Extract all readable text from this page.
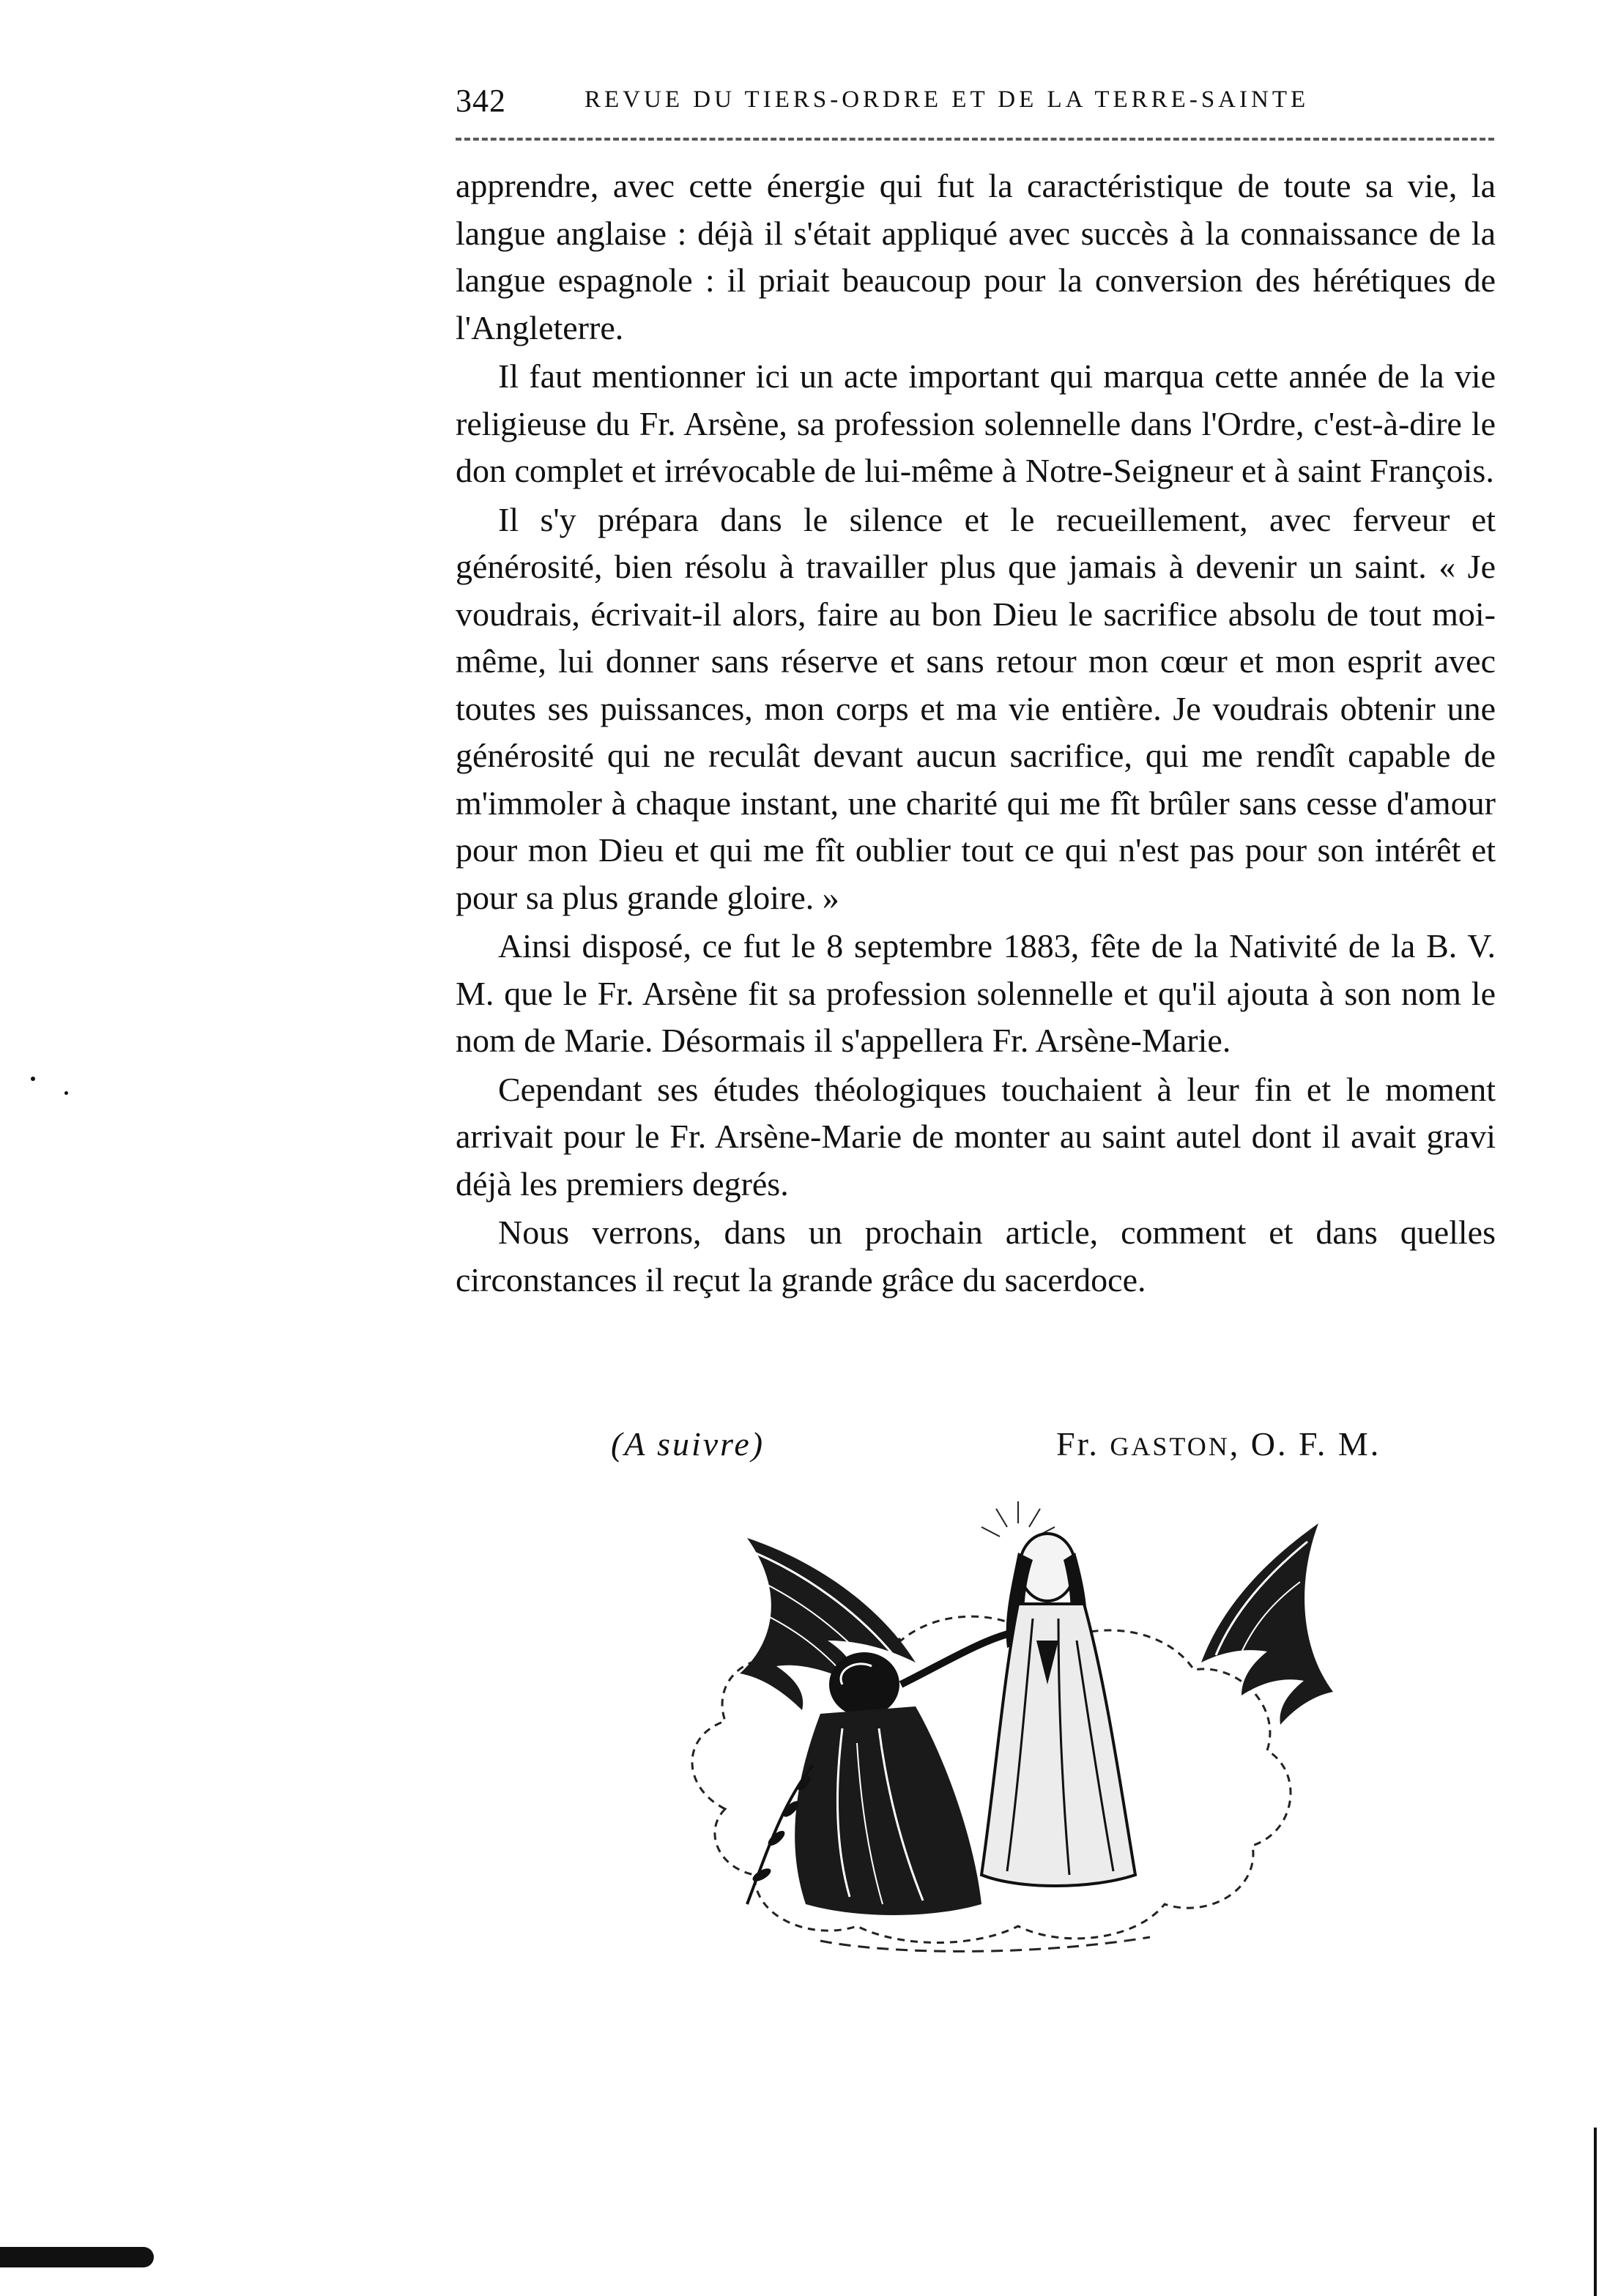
342	REVUE DU TIERS-ORDRE ET DE LA TERRE-SAINTE

apprendre, avec cette énergie qui fut la caractéristique de toute sa vie, la langue anglaise : déjà il s'était appliqué avec succès à la connaissance de la langue espagnole : il priait beaucoup pour la conversion des hérétiques de l'Angleterre.

Il faut mentionner ici un acte important qui marqua cette année de la vie religieuse du Fr. Arsène, sa profession solennelle dans l'Ordre, c'est-à-dire le don complet et irrévocable de lui-même à Notre-Seigneur et à saint François.

Il s'y prépara dans le silence et le recueillement, avec ferveur et générosité, bien résolu à travailler plus que jamais à devenir un saint. « Je voudrais, écrivait-il alors, faire au bon Dieu le sacrifice absolu de tout moi-même, lui donner sans réserve et sans retour mon cœur et mon esprit avec toutes ses puissances, mon corps et ma vie entière. Je voudrais obtenir une générosité qui ne reculât devant aucun sacrifice, qui me rendît capable de m'immoler à chaque instant, une charité qui me fît brûler sans cesse d'amour pour mon Dieu et qui me fît oublier tout ce qui n'est pas pour son intérêt et pour sa plus grande gloire. »

Ainsi disposé, ce fut le 8 septembre 1883, fête de la Nativité de la B. V. M. que le Fr. Arsène fit sa profession solennelle et qu'il ajouta à son nom le nom de Marie. Désormais il s'appellera Fr. Arsène-Marie.

Cependant ses études théologiques touchaient à leur fin et le moment arrivait pour le Fr. Arsène-Marie de monter au saint autel dont il avait gravi déjà les premiers degrés.

Nous verrons, dans un prochain article, comment et dans quelles circonstances il reçut la grande grâce du sacerdoce.

(A suivre)	Fr. GASTON, O. F. M.
